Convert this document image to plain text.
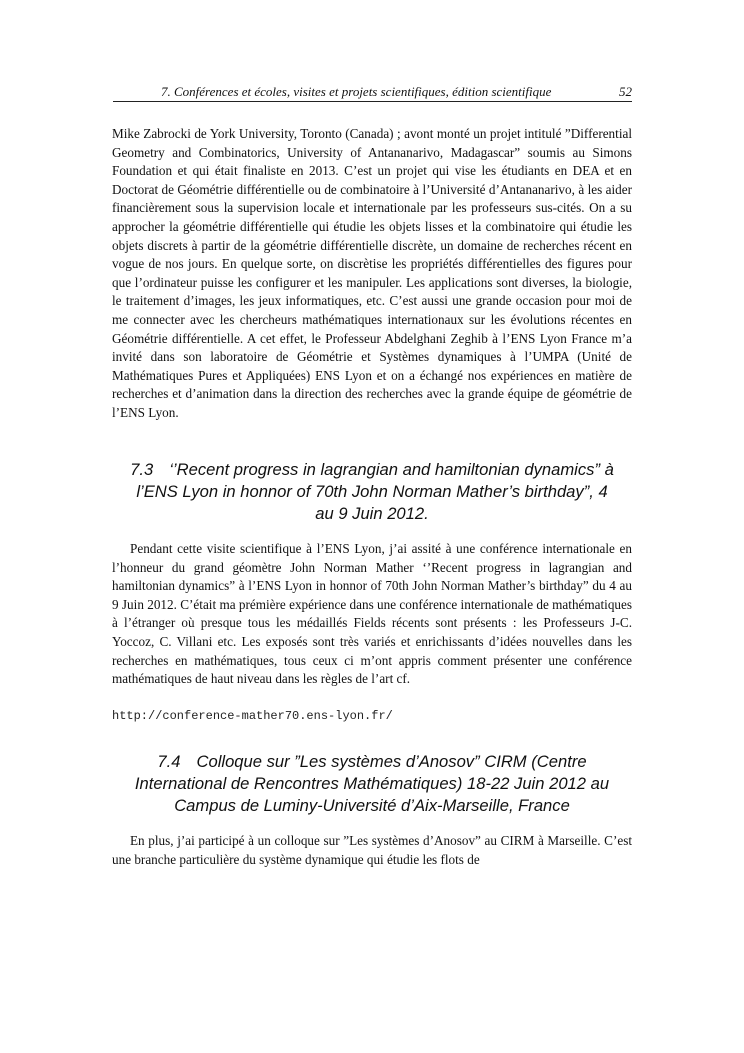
7. Conférences et écoles, visites et projets scientifiques, édition scientifique	52

Mike Zabrocki de York University, Toronto (Canada) ; avont monté un projet intitulé ”Differential Geometry and Combinatorics, University of Antananarivo, Madagascar” soumis au Simons Foundation et qui était finaliste en 2013. C’est un projet qui vise les étudiants en DEA et en Doctorat de Géométrie différentielle ou de combinatoire à l’Université d’Antananarivo, à les aider financièrement sous la supervision locale et internationale par les professeurs sus-cités. On a su approcher la géométrie différentielle qui étudie les objets lisses et la combinatoire qui étudie les objets discrets à partir de la géométrie différentielle discrète, un domaine de recherches récent en vogue de nos jours. En quelque sorte, on discrètise les propriétés différentielles des figures pour que l’ordinateur puisse les configurer et les manipuler. Les applications sont diverses, la biologie, le traitement d’images, les jeux informatiques, etc. C’est aussi une grande occasion pour moi de me connecter avec les chercheurs mathématiques internationaux sur les évolutions récentes en Géométrie différentielle. A cet effet, le Professeur Abdelghani Zeghib à l’ENS Lyon France m’a invité dans son laboratoire de Géométrie et Systèmes dynamiques à l’UMPA (Unité de Mathématiques Pures et Appliquées) ENS Lyon et on a échangé nos expériences en matière de recherches et d’animation dans la direction des recherches avec la grande équipe de géométrie de l’ENS Lyon.

7.3 ‘’Recent progress in lagrangian and hamiltonian dynamics” à
l’ENS Lyon in honnor of 70th John Norman Mather’s birthday”, 4
au 9 Juin 2012.

Pendant cette visite scientifique à l’ENS Lyon, j’ai assité à une conférence internationale en l’honneur du grand géomètre John Norman Mather ‘’Recent progress in lagrangian and hamiltonian dynamics” à l’ENS Lyon in honnor of 70th John Norman Mather’s birthday” du 4 au 9 Juin 2012. C’était ma prémière expérience dans une conférence internationale de mathématiques à l’étranger où presque tous les médaillés Fields récents sont présents : les Professeurs J-C. Yoccoz, C. Villani etc. Les exposés sont très variés et enrichissants d’idées nouvelles dans les recherches en mathématiques, tous ceux ci m’ont appris comment présenter une conférence mathématiques de haut niveau dans les règles de l’art cf.

http://conference-mather70.ens-lyon.fr/
7.4 Colloque sur ”Les systèmes d’Anosov” CIRM (Centre
International de Rencontres Mathématiques) 18-22 Juin 2012 au
Campus de Luminy-Université d’Aix-Marseille, France

En plus, j’ai participé à un colloque sur ”Les systèmes d’Anosov” au CIRM à Marseille. C’est une branche particulière du système dynamique qui étudie les flots de
